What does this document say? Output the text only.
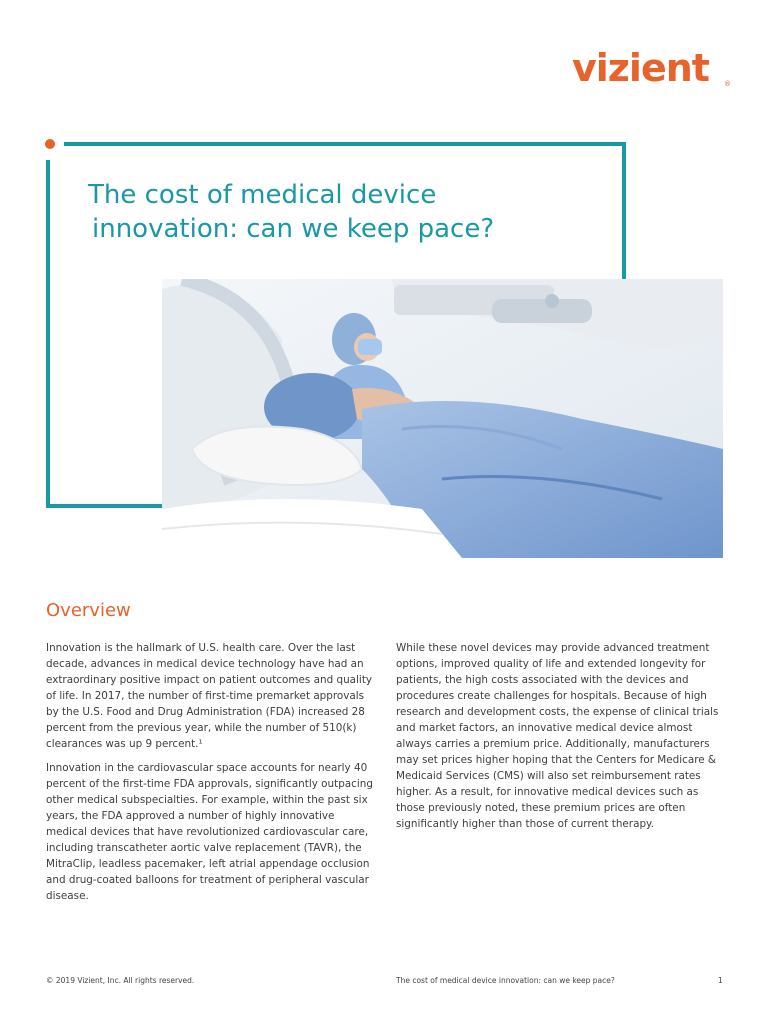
vizient ®
The cost of medical device
innovation: can we keep pace?
Overview

Innovation is the hallmark of U.S. health care. Over the last decade, advances in medical device technology have had an extraordinary positive impact on patient outcomes and quality of life. In 2017, the number of first-time premarket approvals by the U.S. Food and Drug Administration (FDA) increased 28 percent from the previous year, while the number of 510(k) clearances was up 9 percent.¹

Innovation in the cardiovascular space accounts for nearly 40 percent of the first-time FDA approvals, significantly outpacing other medical subspecialties. For example, within the past six years, the FDA approved a number of highly innovative medical devices that have revolutionized cardiovascular care, including transcatheter aortic valve replacement (TAVR), the MitraClip, leadless pacemaker, left atrial appendage occlusion and drug-coated balloons for treatment of peripheral vascular disease.

While these novel devices may provide advanced treatment options, improved quality of life and extended longevity for patients, the high costs associated with the devices and procedures create challenges for hospitals. Because of high research and development costs, the expense of clinical trials and market factors, an innovative medical device almost always carries a premium price. Additionally, manufacturers may set prices higher hoping that the Centers for Medicare & Medicaid Services (CMS) will also set reimbursement rates higher. As a result, for innovative medical devices such as those previously noted, these premium prices are often significantly higher than those of current therapy.

© 2019 Vizient, Inc. All rights reserved.	The cost of medical device innovation: can we keep pace?	1
